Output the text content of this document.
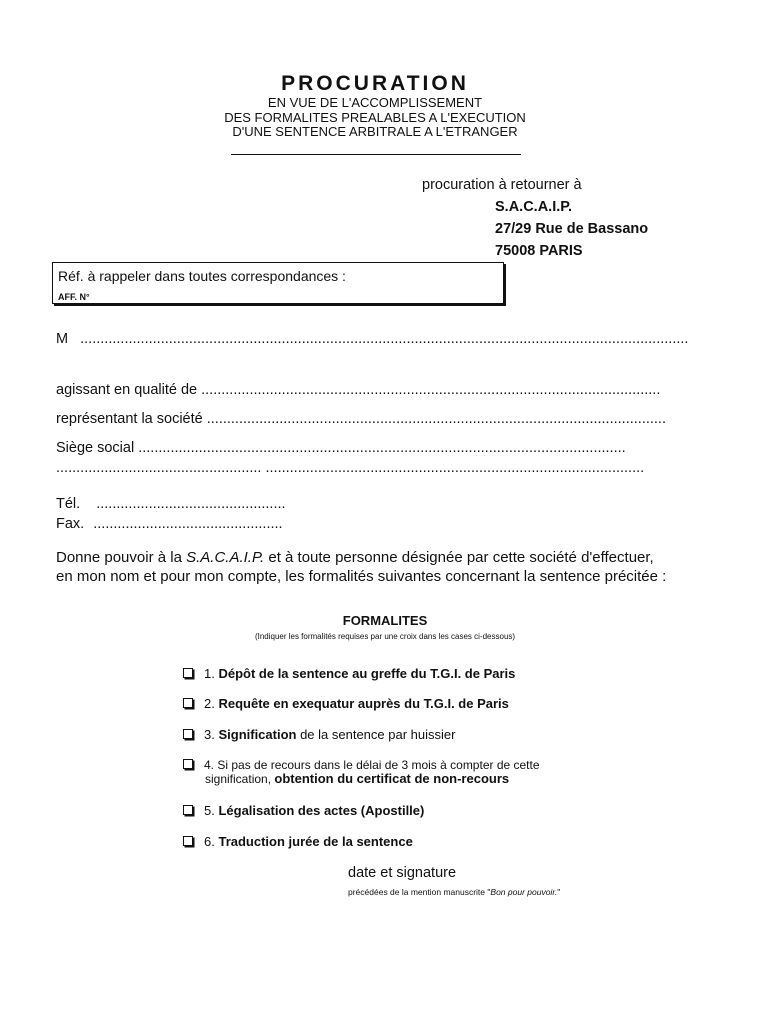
PROCURATION
EN VUE DE L'ACCOMPLISSEMENT
DES FORMALITES PREALABLES A L'EXECUTION
D'UNE SENTENCE ARBITRALE A L'ETRANGER
procuration à retourner à
S.A.C.A.I.P.
27/29 Rue de Bassano
75008 PARIS
Réf. à rappeler dans toutes correspondances :
AFF. N°
M .......................................................................................................................................................
agissant en qualité de ..................................................................................................................
représentant la société ..................................................................................................................
Siège social .........................................................................................................................
................................................... ..............................................................................................
Tél. ...............................................
Fax. ...............................................
Donne pouvoir à la S.A.C.A.I.P. et à toute personne désignée par cette société d'effectuer,
en mon nom et pour mon compte, les formalités suivantes concernant la sentence précitée :
FORMALITES
(Indiquer les formalités requises par une croix dans les cases ci-dessous)
1. Dépôt de la sentence au greffe du T.G.I. de Paris
2. Requête en exequatur auprès du T.G.I. de Paris
3. Signification de la sentence par huissier
4. Si pas de recours dans le délai de 3 mois à compter de cette
signification, obtention du certificat de non-recours
5. Légalisation des actes (Apostille)
6. Traduction jurée de la sentence
date et signature
précédées de la mention manuscrite "Bon pour pouvoir."
